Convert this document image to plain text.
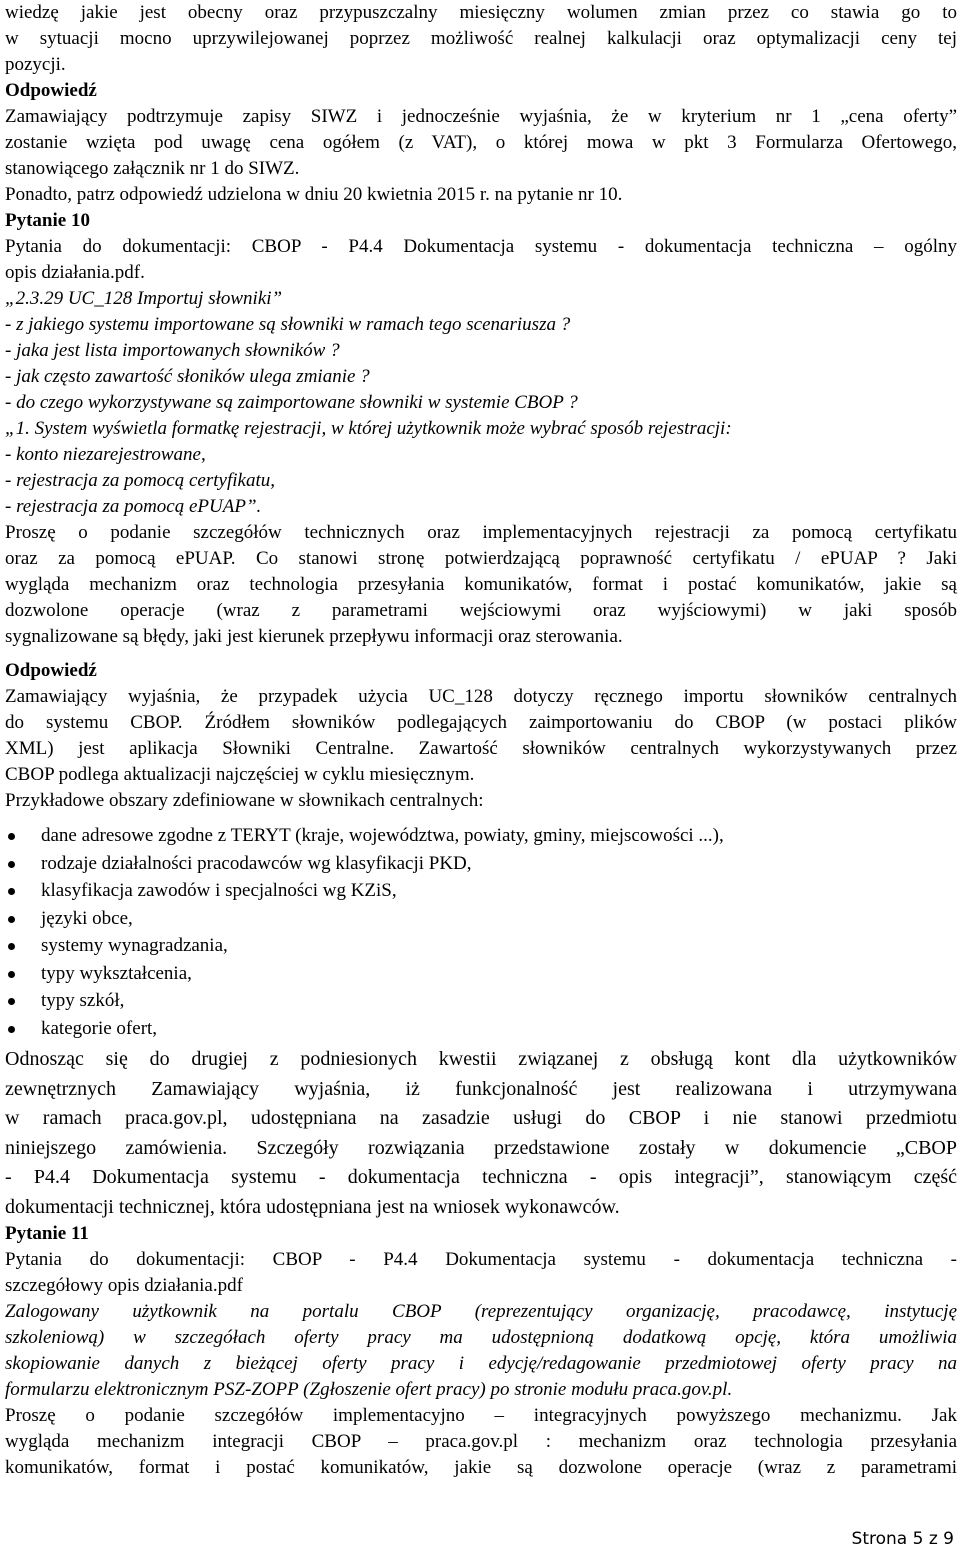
wiedzę jakie jest obecny oraz przypuszczalny miesięczny wolumen zmian przez co stawia go to
w sytuacji mocno uprzywilejowanej poprzez możliwość realnej kalkulacji oraz optymalizacji ceny tej
pozycji.

Odpowiedź

Zamawiający podtrzymuje zapisy SIWZ i jednocześnie wyjaśnia, że w kryterium nr 1 „cena oferty”
zostanie wzięta pod uwagę cena ogółem (z VAT), o której mowa w pkt 3 Formularza Ofertowego,
stanowiącego załącznik nr 1 do SIWZ.

Ponadto, patrz odpowiedź udzielona w dniu 20 kwietnia 2015 r. na pytanie nr 10.

Pytanie 10

Pytania do dokumentacji: CBOP - P4.4 Dokumentacja systemu - dokumentacja techniczna – ogólny
opis działania.pdf.

„2.3.29 UC_128 Importuj słowniki”
- z jakiego systemu importowane są słowniki w ramach tego scenariusza ?
- jaka jest lista importowanych słowników ?
- jak często zawartość słoników ulega zmianie ?
- do czego wykorzystywane są zaimportowane słowniki w systemie CBOP ?
„1. System wyświetla formatkę rejestracji, w której użytkownik może wybrać sposób rejestracji:
- konto niezarejestrowane,
- rejestracja za pomocą certyfikatu,
- rejestracja za pomocą ePUAP”.

Proszę o podanie szczegółów technicznych oraz implementacyjnych rejestracji za pomocą certyfikatu
oraz za pomocą ePUAP. Co stanowi stronę potwierdzającą poprawność certyfikatu / ePUAP ? Jaki
wygląda mechanizm oraz technologia przesyłania komunikatów, format i postać komunikatów, jakie są
dozwolone operacje (wraz z parametrami wejściowymi oraz wyjściowymi) w jaki sposób
sygnalizowane są błędy, jaki jest kierunek przepływu informacji oraz sterowania.

Odpowiedź

Zamawiający wyjaśnia, że przypadek użycia UC_128 dotyczy ręcznego importu słowników centralnych
do systemu CBOP. Źródłem słowników podlegających zaimportowaniu do CBOP (w postaci plików
XML) jest aplikacja Słowniki Centralne. Zawartość słowników centralnych wykorzystywanych przez
CBOP podlega aktualizacji najczęściej w cyklu miesięcznym.

Przykładowe obszary zdefiniowane w słownikach centralnych:

dane adresowe zgodne z TERYT (kraje, województwa, powiaty, gminy, miejscowości ...),
rodzaje działalności pracodawców wg klasyfikacji PKD,
klasyfikacja zawodów i specjalności wg KZiS,
języki obce,
systemy wynagradzania,
typy wykształcenia,
typy szkół,
kategorie ofert,

Odnosząc się do drugiej z podniesionych kwestii związanej z obsługą kont dla użytkowników
zewnętrznych Zamawiający wyjaśnia, iż funkcjonalność jest realizowana i utrzymywana
w ramach praca.gov.pl, udostępniana na zasadzie usługi do CBOP i nie stanowi przedmiotu
niniejszego zamówienia. Szczegóły rozwiązania przedstawione zostały w dokumencie „CBOP
- P4.4 Dokumentacja systemu - dokumentacja techniczna - opis integracji”, stanowiącym część
dokumentacji technicznej, która udostępniana jest na wniosek wykonawców.

Pytanie 11

Pytania do dokumentacji: CBOP - P4.4 Dokumentacja systemu - dokumentacja techniczna -
szczegółowy opis działania.pdf

Zalogowany użytkownik na portalu CBOP (reprezentujący organizację, pracodawcę, instytucję
szkoleniową) w szczegółach oferty pracy ma udostępnioną dodatkową opcję, która umożliwia
skopiowanie danych z bieżącej oferty pracy i edycję/redagowanie przedmiotowej oferty pracy na
formularzu elektronicznym PSZ-ZOPP (Zgłoszenie ofert pracy) po stronie modułu praca.gov.pl.

Proszę o podanie szczegółów implementacyjno – integracyjnych powyższego mechanizmu. Jak
wygląda mechanizm integracji CBOP – praca.gov.pl : mechanizm oraz technologia przesyłania
komunikatów, format i postać komunikatów, jakie są dozwolone operacje (wraz z parametrami

Strona 5 z 9
